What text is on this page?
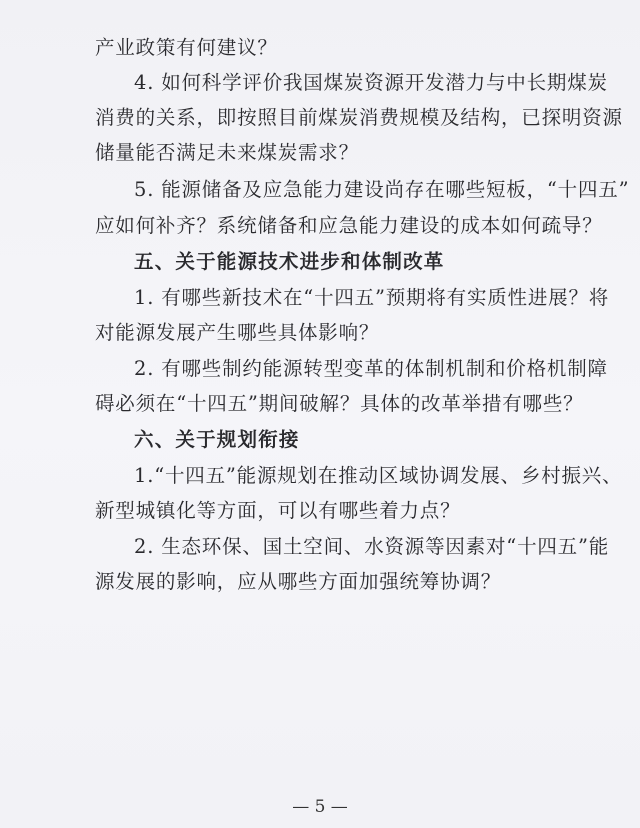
产业政策有何建议？
4. 如何科学评价我国煤炭资源开发潜力与中长期煤炭
消费的关系，即按照目前煤炭消费规模及结构，已探明资源
储量能否满足未来煤炭需求？
5. 能源储备及应急能力建设尚存在哪些短板，“十四五”
应如何补齐？系统储备和应急能力建设的成本如何疏导？
五、关于能源技术进步和体制改革
1. 有哪些新技术在“十四五”预期将有实质性进展？将
对能源发展产生哪些具体影响？
2. 有哪些制约能源转型变革的体制机制和价格机制障
碍必须在“十四五”期间破解？具体的改革举措有哪些？
六、关于规划衔接
1.“十四五”能源规划在推动区域协调发展、乡村振兴、
新型城镇化等方面，可以有哪些着力点？
2. 生态环保、国土空间、水资源等因素对“十四五”能
源发展的影响，应从哪些方面加强统筹协调？
— 5 —
